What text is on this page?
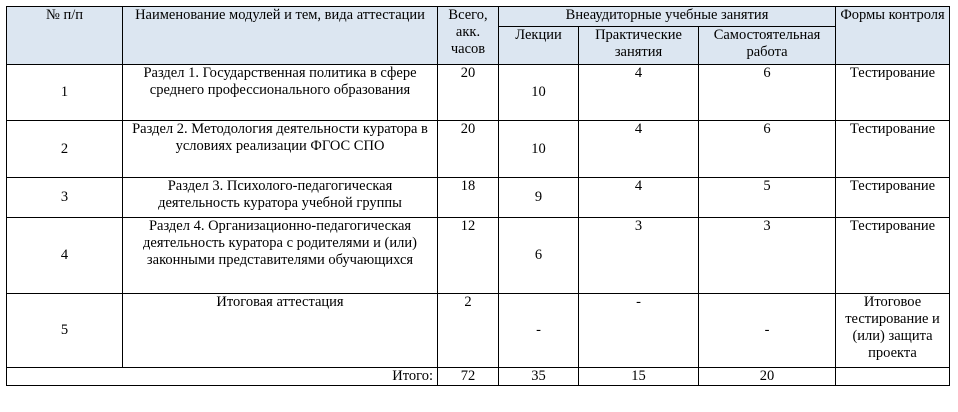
№ п/п	Наименование модулей и тем, вида аттестации	Всего, акк. часов	Внеаудиторные учебные занятия			Формы контроля
			Лекции	Практические занятия	Самостоятельная работа	
1	Раздел 1. Государственная политика в сфере среднего профессионального образования	20	10	4	6	Тестирование
2	Раздел 2. Методология деятельности куратора в условиях реализации ФГОС СПО	20	10	4	6	Тестирование
3	Раздел 3. Психолого-педагогическая деятельность куратора учебной группы	18	9	4	5	Тестирование
4	Раздел 4. Организационно-педагогическая деятельность куратора с родителями и (или) законными представителями обучающихся	12	6	3	3	Тестирование
5	Итоговая аттестация	2	-	-	-	Итоговое тестирование и (или) защита проекта
Итого:		72	35	15	20	
